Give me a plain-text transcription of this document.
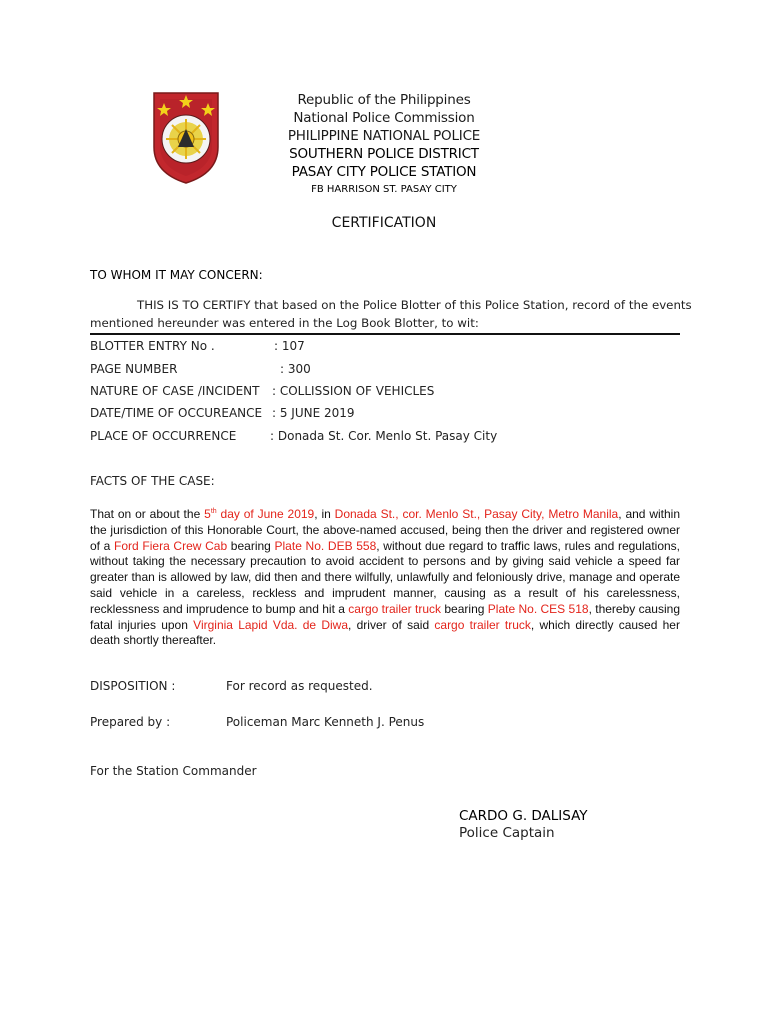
Republic of the Philippines
National Police Commission
PHILIPPINE NATIONAL POLICE
SOUTHERN POLICE DISTRICT
PASAY CITY POLICE STATION
FB HARRISON ST. PASAY CITY
CERTIFICATION
TO WHOM IT MAY CONCERN:
THIS IS TO CERTIFY that based on the Police Blotter of this Police Station, record of the events
mentioned hereunder was entered in the Log Book Blotter, to wit:
BLOTTER ENTRY No .	: 107
PAGE NUMBER	: 300
NATURE OF CASE /INCIDENT : COLLISSION OF VEHICLES
DATE/TIME OF OCCUREANCE : 5 JUNE 2019
PLACE OF OCCURRENCE	: Donada St. Cor. Menlo St. Pasay City
FACTS OF THE CASE:
That on or about the 5th day of June 2019, in Donada St., cor. Menlo St., Pasay City, Metro Manila, and within the jurisdiction of this Honorable Court, the above-named accused, being then the driver and registered owner of a Ford Fiera Crew Cab bearing Plate No. DEB 558, without due regard to traffic laws, rules and regulations, without taking the necessary precaution to avoid accident to persons and by giving said vehicle a speed far greater than is allowed by law, did then and there wilfully, unlawfully and feloniously drive, manage and operate said vehicle in a careless, reckless and imprudent manner, causing as a result of his carelessness, recklessness and imprudence to bump and hit a cargo trailer truck bearing Plate No. CES 518, thereby causing fatal injuries upon Virginia Lapid Vda. de Diwa, driver of said cargo trailer truck, which directly caused her death shortly thereafter.
DISPOSITION :	For record as requested.
Prepared by :	Policeman Marc Kenneth J. Penus
For the Station Commander
CARDO G. DALISAY
Police Captain
